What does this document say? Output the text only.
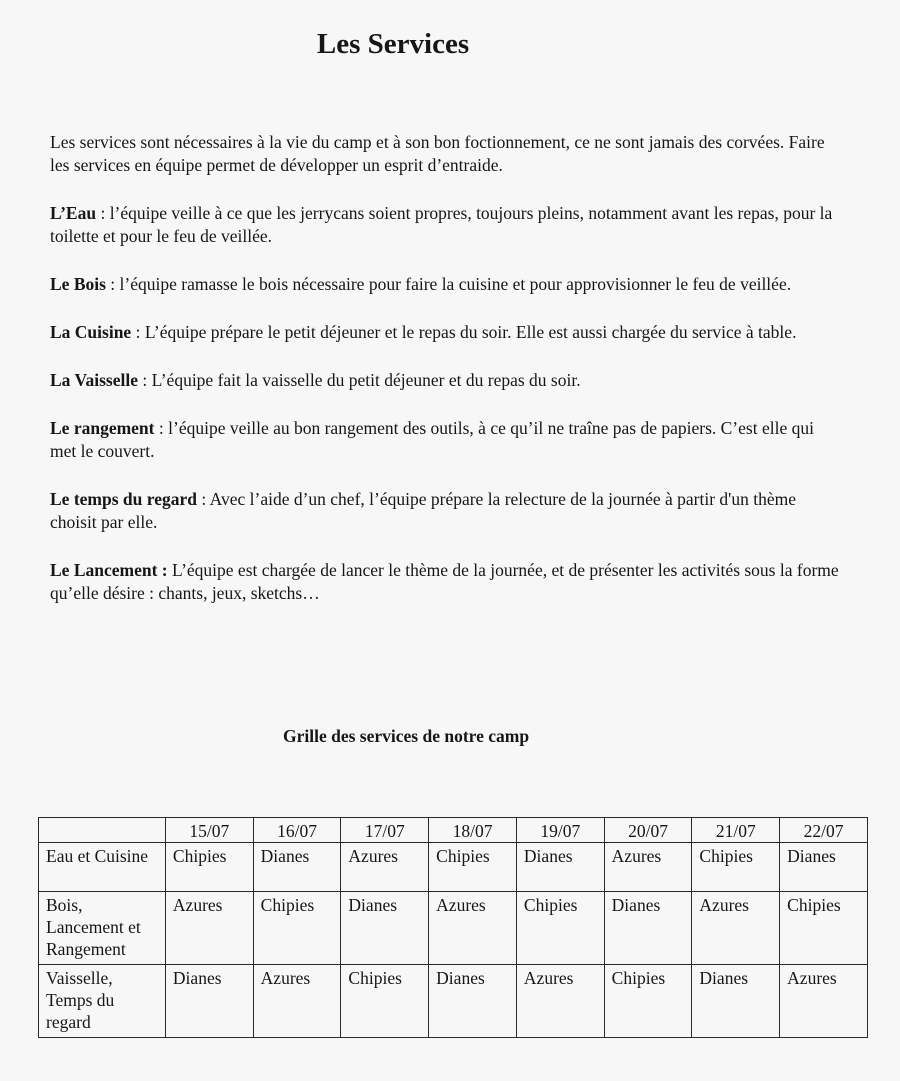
Les Services

Les services sont nécessaires à la vie du camp et à son bon foctionnement, ce ne sont jamais des corvées. Faire les services en équipe permet de développer un esprit d’entraide.

L’Eau : l’équipe veille à ce que les jerrycans soient propres, toujours pleins, notamment avant les repas, pour la toilette et pour le feu de veillée.

Le Bois : l’équipe ramasse le bois nécessaire pour faire la cuisine et pour approvisionner le feu de veillée.

La Cuisine : L’équipe prépare le petit déjeuner et le repas du soir. Elle est aussi chargée du service à table.

La Vaisselle : L’équipe fait la vaisselle du petit déjeuner et du repas du soir.

Le rangement : l’équipe veille au bon rangement des outils, à ce qu’il ne traîne pas de papiers. C’est elle qui met le couvert.

Le temps du regard : Avec l’aide d’un chef, l’équipe prépare la relecture de la journée à partir d'un thème choisit par elle.

Le Lancement : L’équipe est chargée de lancer le thème de la journée, et de présenter les activités sous la forme qu’elle désire : chants, jeux, sketchs…

Grille des services de notre camp
	15/07	16/07	17/07	18/07	19/07	20/07	21/07	22/07
Eau et Cuisine	Chipies	Dianes	Azures	Chipies	Dianes	Azures	Chipies	Dianes
Bois, Lancement et Rangement	Azures	Chipies	Dianes	Azures	Chipies	Dianes	Azures	Chipies
Vaisselle, Temps du regard	Dianes	Azures	Chipies	Dianes	Azures	Chipies	Dianes	Azures
